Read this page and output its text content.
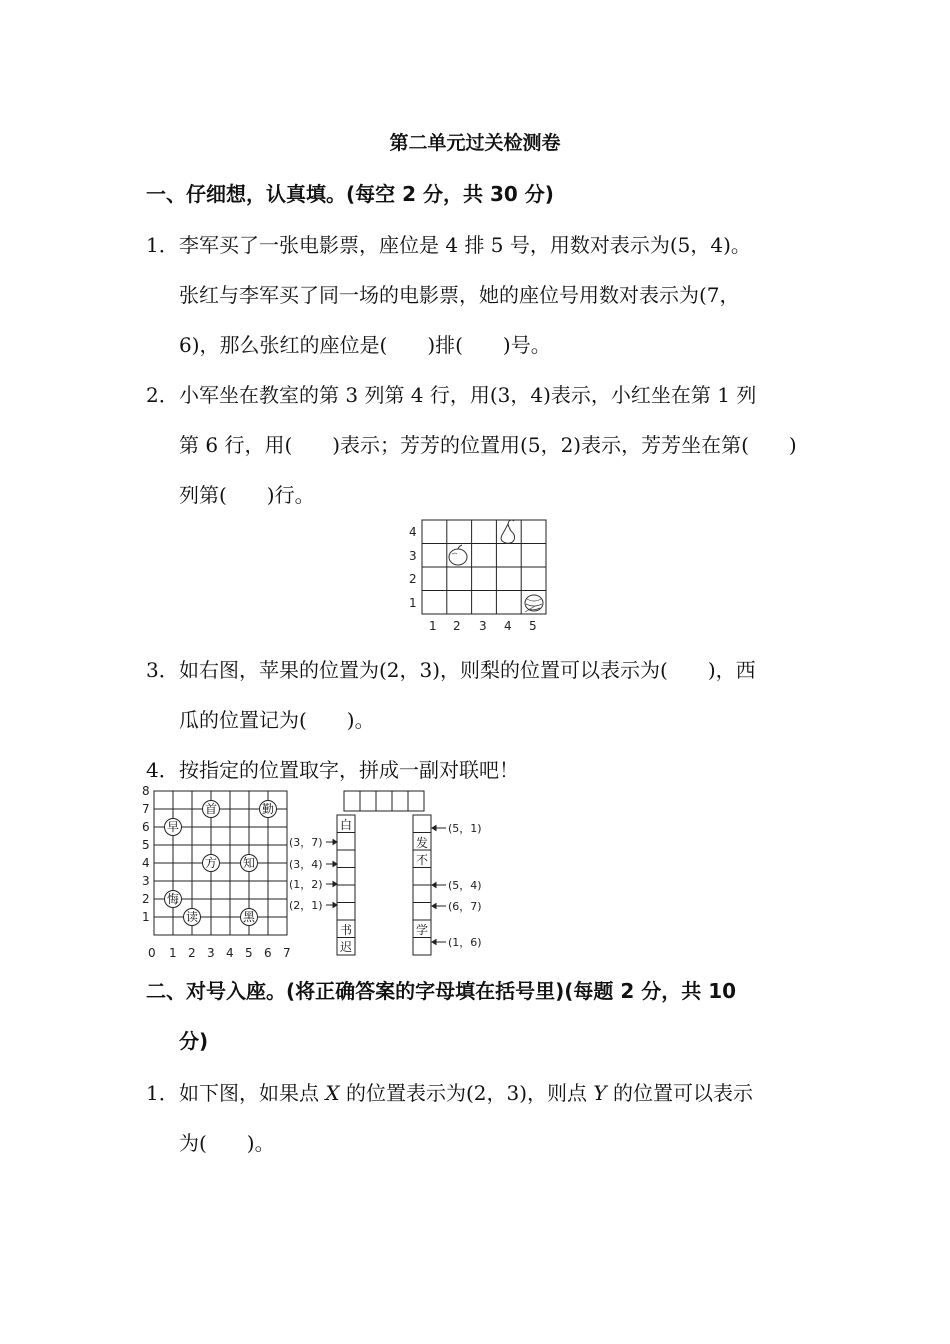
第二单元过关检测卷
一、仔细想，认真填。(每空 2 分，共 30 分)
1． 李军买了一张电影票，座位是 4 排 5 号，用数对表示为(5，4)。
张红与李军买了同一场的电影票，她的座位号用数对表示为(7，
6)，那么张红的座位是(　　)排(　　)号。
2． 小军坐在教室的第 3 列第 4 行，用(3，4)表示，小红坐在第 1 列
第 6 行，用(　　)表示；芳芳的位置用(5，2)表示，芳芳坐在第(　　)
列第(　　)行。
4
3
2
1
1 2 3 4 5
3． 如右图，苹果的位置为(2，3)，则梨的位置可以表示为(　　)，西
瓜的位置记为(　　)。
4． 按指定的位置取字，拼成一副对联吧！
8
7
6
5
4
3
2
1
0 1 2 3 4 5 6 7
首	勤
早
方 知
悔
读	黑
白
书
迟
发
不
学
(3，7)
(3，4)
(1，2)
(2，1)
(5，1)
(5，4)
(6，7)
(1，6)
二、对号入座。(将正确答案的字母填在括号里)(每题 2 分，共 10
分)
1． 如下图，如果点 X 的位置表示为(2，3)，则点 Y 的位置可以表示
为(　　)。
